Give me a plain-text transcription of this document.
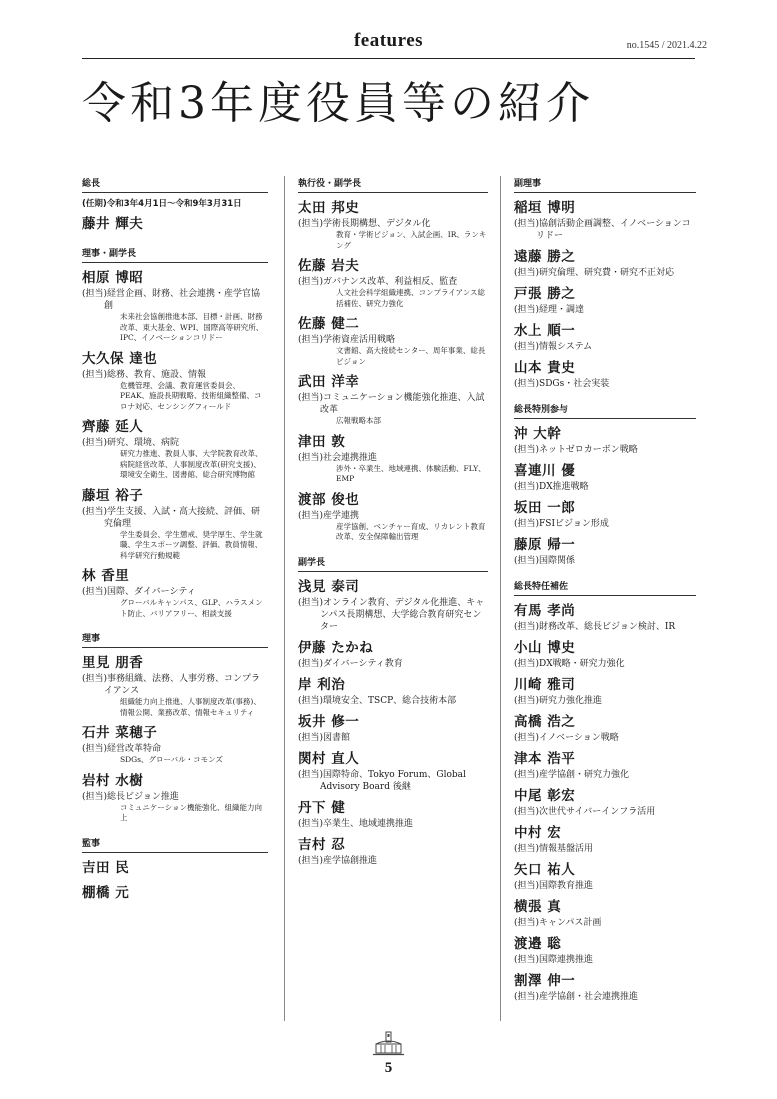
features	no.1545 / 2021.4.22
令和3年度役員等の紹介
総長
(任期)令和3年4月1日～令和9年3月31日
藤井 輝夫
理事・副学長
相原 博昭
(担当)経営企画、財務、社会連携・産学官協創
未来社会協創推進本部、目標・計画、財務改革、東大基金、WPI、国際高等研究所、IPC、イノベーションコリドー
大久保 達也
(担当)総務、教育、施設、情報
危機管理、会議、教育運営委員会、PEAK、施設長期戦略、技術組織整備、コロナ対応、センシングフィールド
齊藤 延人
(担当)研究、環境、病院
研究力推進、教員人事、大学院教育改革、病院経営改革、人事制度改革(研究支援)、環境安全衛生、図書館、総合研究博物館
藤垣 裕子
(担当)学生支援、入試・高大接続、評価、研究倫理
学生委員会、学生懲戒、奨学厚生、学生就職、学生スポーツ調整、評価、教員情報、科学研究行動規範
林 香里
(担当)国際、ダイバーシティ
グローバルキャンパス、GLP、ハラスメント防止、バリアフリー、相談支援
理事
里見 朋香
(担当)事務組織、法務、人事労務、コンプライアンス
組織能力向上推進、人事制度改革(事務)、情報公開、業務改革、情報セキュリティ
石井 菜穂子
(担当)経営改革特命
SDGs、グローバル・コモンズ
岩村 水樹
(担当)総長ビジョン推進
コミュニケーション機能強化、組織能力向上
監事
吉田 民
棚橋 元
執行役・副学長
太田 邦史
(担当)学術長期構想、デジタル化
教育・学術ビジョン、入試企画、IR、ランキング
佐藤 岩夫
(担当)ガバナンス改革、利益相反、監査
人文社会科学組織連携、コンプライアンス総括補佐、研究力強化
佐藤 健二
(担当)学術資産活用戦略
文書館、高大接続センター、周年事業、総長ビジョン
武田 洋幸
(担当)コミュニケーション機能強化推進、入試改革
広報戦略本部
津田 敦
(担当)社会連携推進
渉外・卒業生、地域連携、体験活動、FLY、EMP
渡部 俊也
(担当)産学連携
産学協創、ベンチャー育成、リカレント教育改革、安全保障輸出管理
副学長
浅見 泰司
(担当)オンライン教育、デジタル化推進、キャンパス長期構想、大学総合教育研究センター
伊藤 たかね
(担当)ダイバーシティ教育
岸 利治
(担当)環境安全、TSCP、総合技術本部
坂井 修一
(担当)図書館
関村 直人
(担当)国際特命、Tokyo Forum、Global Advisory Board 後継
丹下 健
(担当)卒業生、地域連携推進
吉村 忍
(担当)産学協創推進
副理事
稲垣 博明
(担当)協創活動企画調整、イノベーションコリドー
遠藤 勝之
(担当)研究倫理、研究費・研究不正対応
戸張 勝之
(担当)経理・調達
水上 順一
(担当)情報システム
山本 貴史
(担当)SDGs・社会実装
総長特別参与
沖 大幹
(担当)ネットゼロカーボン戦略
喜連川 優
(担当)DX推進戦略
坂田 一郎
(担当)FSIビジョン形成
藤原 帰一
(担当)国際関係
総長特任補佐
有馬 孝尚
(担当)財務改革、総長ビジョン検討、IR
小山 博史
(担当)DX戦略・研究力強化
川崎 雅司
(担当)研究力強化推進
高橋 浩之
(担当)イノベーション戦略
津本 浩平
(担当)産学協創・研究力強化
中尾 彰宏
(担当)次世代サイバーインフラ活用
中村 宏
(担当)情報基盤活用
矢口 祐人
(担当)国際教育推進
横張 真
(担当)キャンパス計画
渡邉 聡
(担当)国際連携推進
割澤 伸一
(担当)産学協創・社会連携推進
5
